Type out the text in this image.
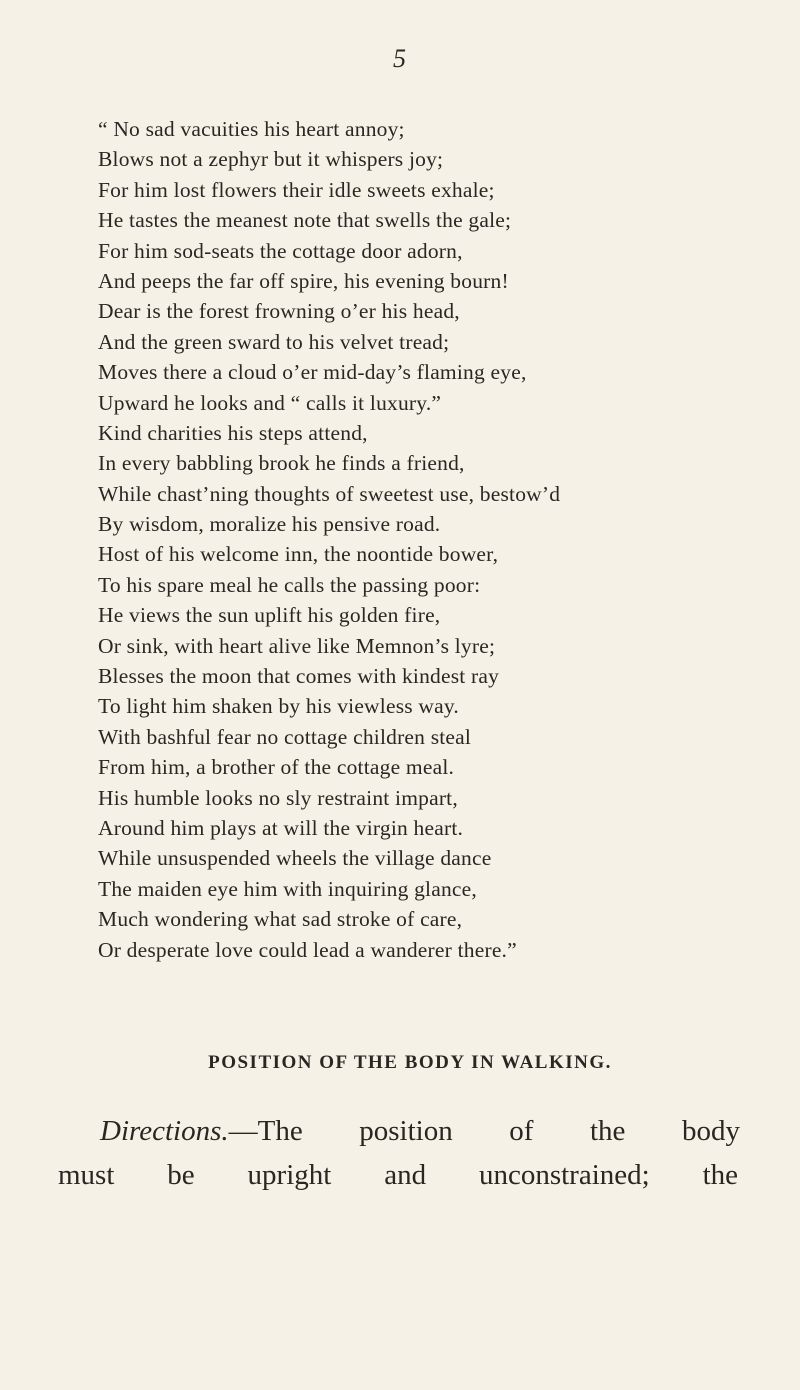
5
“ No sad vacuities his heart annoy;
Blows not a zephyr but it whispers joy;
For him lost flowers their idle sweets exhale;
He tastes the meanest note that swells the gale;
For him sod-seats the cottage door adorn,
And peeps the far off spire, his evening bourn!
Dear is the forest frowning o’er his head,
And the green sward to his velvet tread;
Moves there a cloud o’er mid-day’s flaming eye,
Upward he looks and “ calls it luxury.”
Kind charities his steps attend,
In every babbling brook he finds a friend,
While chast’ning thoughts of sweetest use, bestow’d
By wisdom, moralize his pensive road.
Host of his welcome inn, the noontide bower,
To his spare meal he calls the passing poor:
He views the sun uplift his golden fire,
Or sink, with heart alive like Memnon’s lyre;
Blesses the moon that comes with kindest ray
To light him shaken by his viewless way.
With bashful fear no cottage children steal
From him, a brother of the cottage meal.
His humble looks no sly restraint impart,
Around him plays at will the virgin heart.
While unsuspended wheels the village dance
The maiden eye him with inquiring glance,
Much wondering what sad stroke of care,
Or desperate love could lead a wanderer there.”
POSITION OF THE BODY IN WALKING.
Directions.—The position of the body
must be upright and unconstrained; the
